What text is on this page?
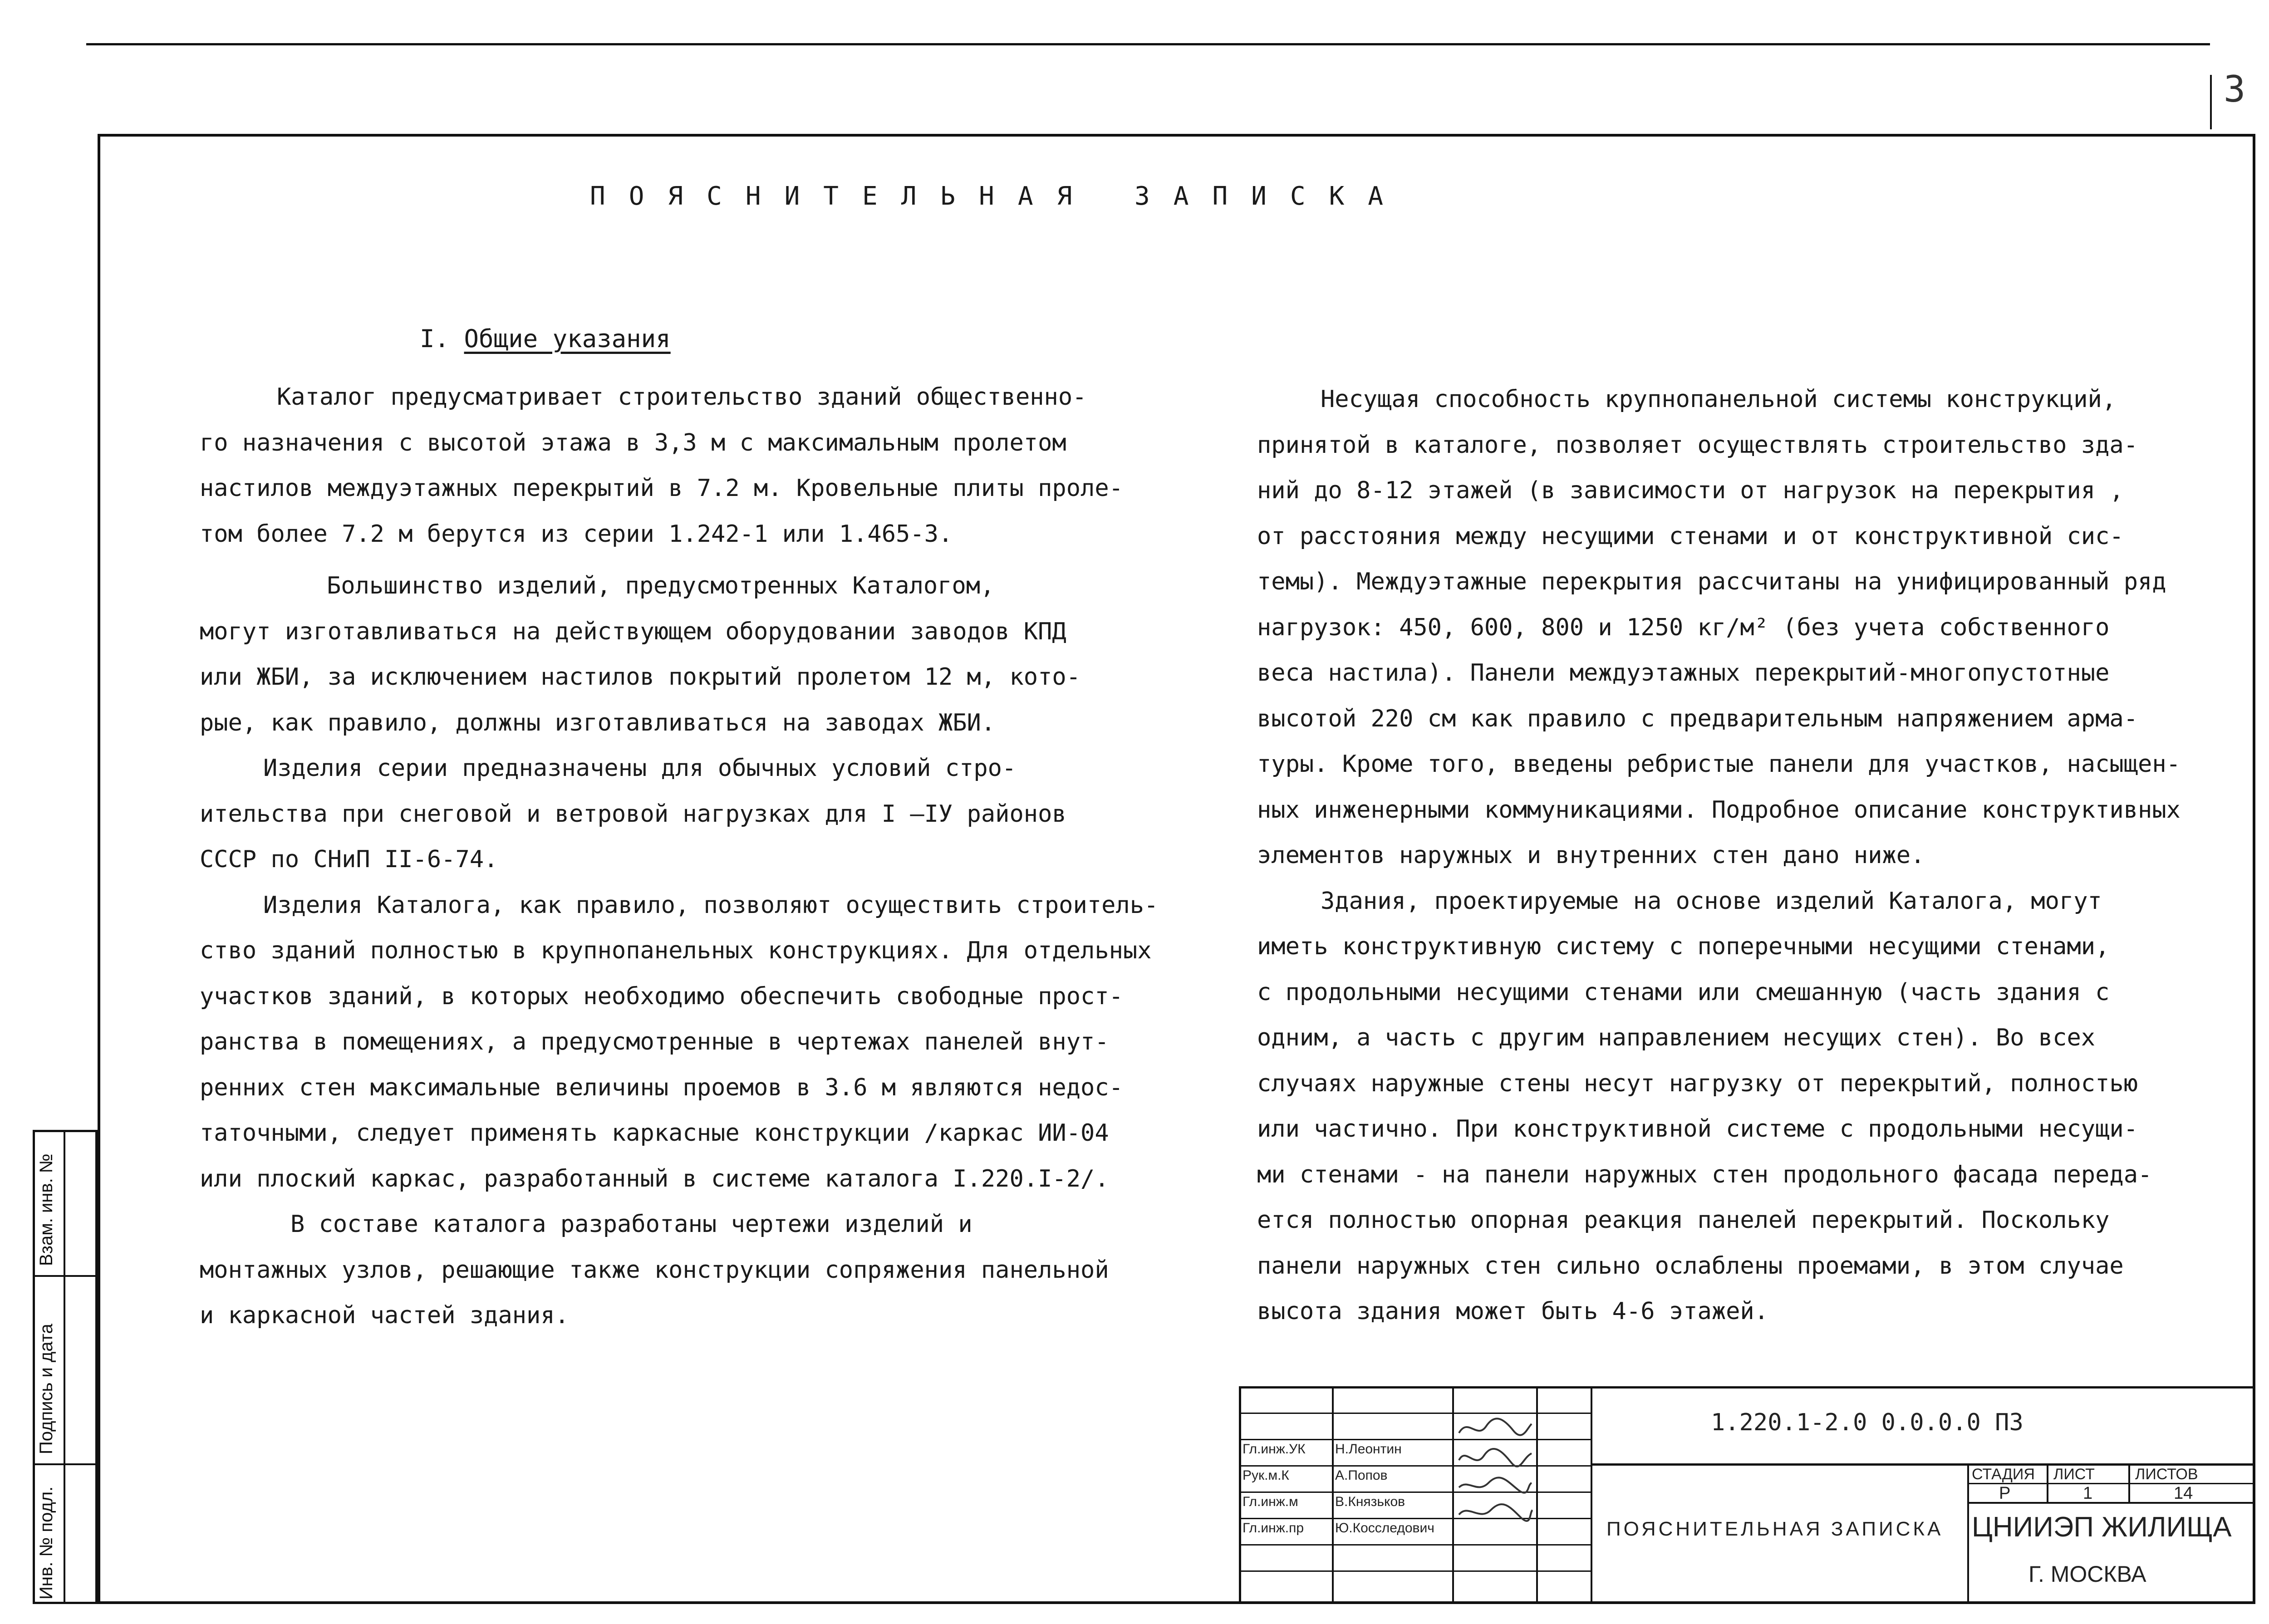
3
ПОЯСНИТЕЛЬНАЯ ЗАПИСКА
I. Общие указания

Каталог предусматривает строительство зданий общественно-

го назначения с высотой этажа в 3,3 м с максимальным пролетом

настилов междуэтажных перекрытий в 7.2 м. Кровельные плиты проле-

том более 7.2 м берутся из серии 1.242-1 или 1.465-3.

Большинство изделий, предусмотренных Каталогом,

могут изготавливаться на действующем оборудовании заводов КПД

или ЖБИ, за исключением настилов покрытий пролетом 12 м, кото-

рые, как правило, должны изготавливаться на заводах ЖБИ.

Изделия серии предназначены для обычных условий стро-

ительства при снеговой и ветровой нагрузках для I –IУ районов

СССР по СНиП II-6-74.

Изделия Каталога, как правило, позволяют осуществить строитель-

ство зданий полностью в крупнопанельных конструкциях. Для отдельных

участков зданий, в которых необходимо обеспечить свободные прост-

ранства в помещениях, а предусмотренные в чертежах панелей внут-

ренних стен максимальные величины проемов в 3.6 м являются недос-

таточными, следует применять каркасные конструкции /каркас ИИ-04

или плоский каркас, разработанный в системе каталога I.220.I-2/.

В составе каталога разработаны чертежи изделий и

монтажных узлов, решающие также конструкции сопряжения панельной

и каркасной частей здания.

Несущая способность крупнопанельной системы конструкций,

принятой в каталоге, позволяет осуществлять строительство зда-

ний до 8-12 этажей (в зависимости от нагрузок на перекрытия ,

от расстояния между несущими стенами и от конструктивной сис-

темы). Междуэтажные перекрытия рассчитаны на унифицированный ряд

нагрузок: 450, 600, 800 и 1250 кг/м² (без учета собственного

веса настила). Панели междуэтажных перекрытий-многопустотные

высотой 220 см как правило с предварительным напряжением арма-

туры. Кроме того, введены ребристые панели для участков, насыщен-

ных инженерными коммуникациями. Подробное описание конструктивных

элементов наружных и внутренних стен дано ниже.

Здания, проектируемые на основе изделий Каталога, могут

иметь конструктивную систему с поперечными несущими стенами,

с продольными несущими стенами или смешанную (часть здания с

одним, а часть с другим направлением несущих стен). Во всех

случаях наружные стены несут нагрузку от перекрытий, полностью

или частично. При конструктивной системе с продольными несущи-

ми стенами - на панели наружных стен продольного фасада переда-

ется полностью опорная реакция панелей перекрытий. Поскольку

панели наружных стен сильно ослаблены проемами, в этом случае

высота здания может быть 4-6 этажей.

Взам. инв. №
Подпись и дата
Инв. № подл.
Гл.инж.УК Н.Леонтин
Рук.м.К	А.Попов
Гл.инж.м	В.Князьков
Гл.инж.пр Ю.Косследович
1.220.1-2.0 0.0.0.0 ПЗ
ПОЯСНИТЕЛЬНАЯ ЗАПИСКА
СТАДИЯ ЛИСТ	ЛИСТОВ
Р	1	14
ЦНИИЭП ЖИЛИЩА
Г. МОСКВА
